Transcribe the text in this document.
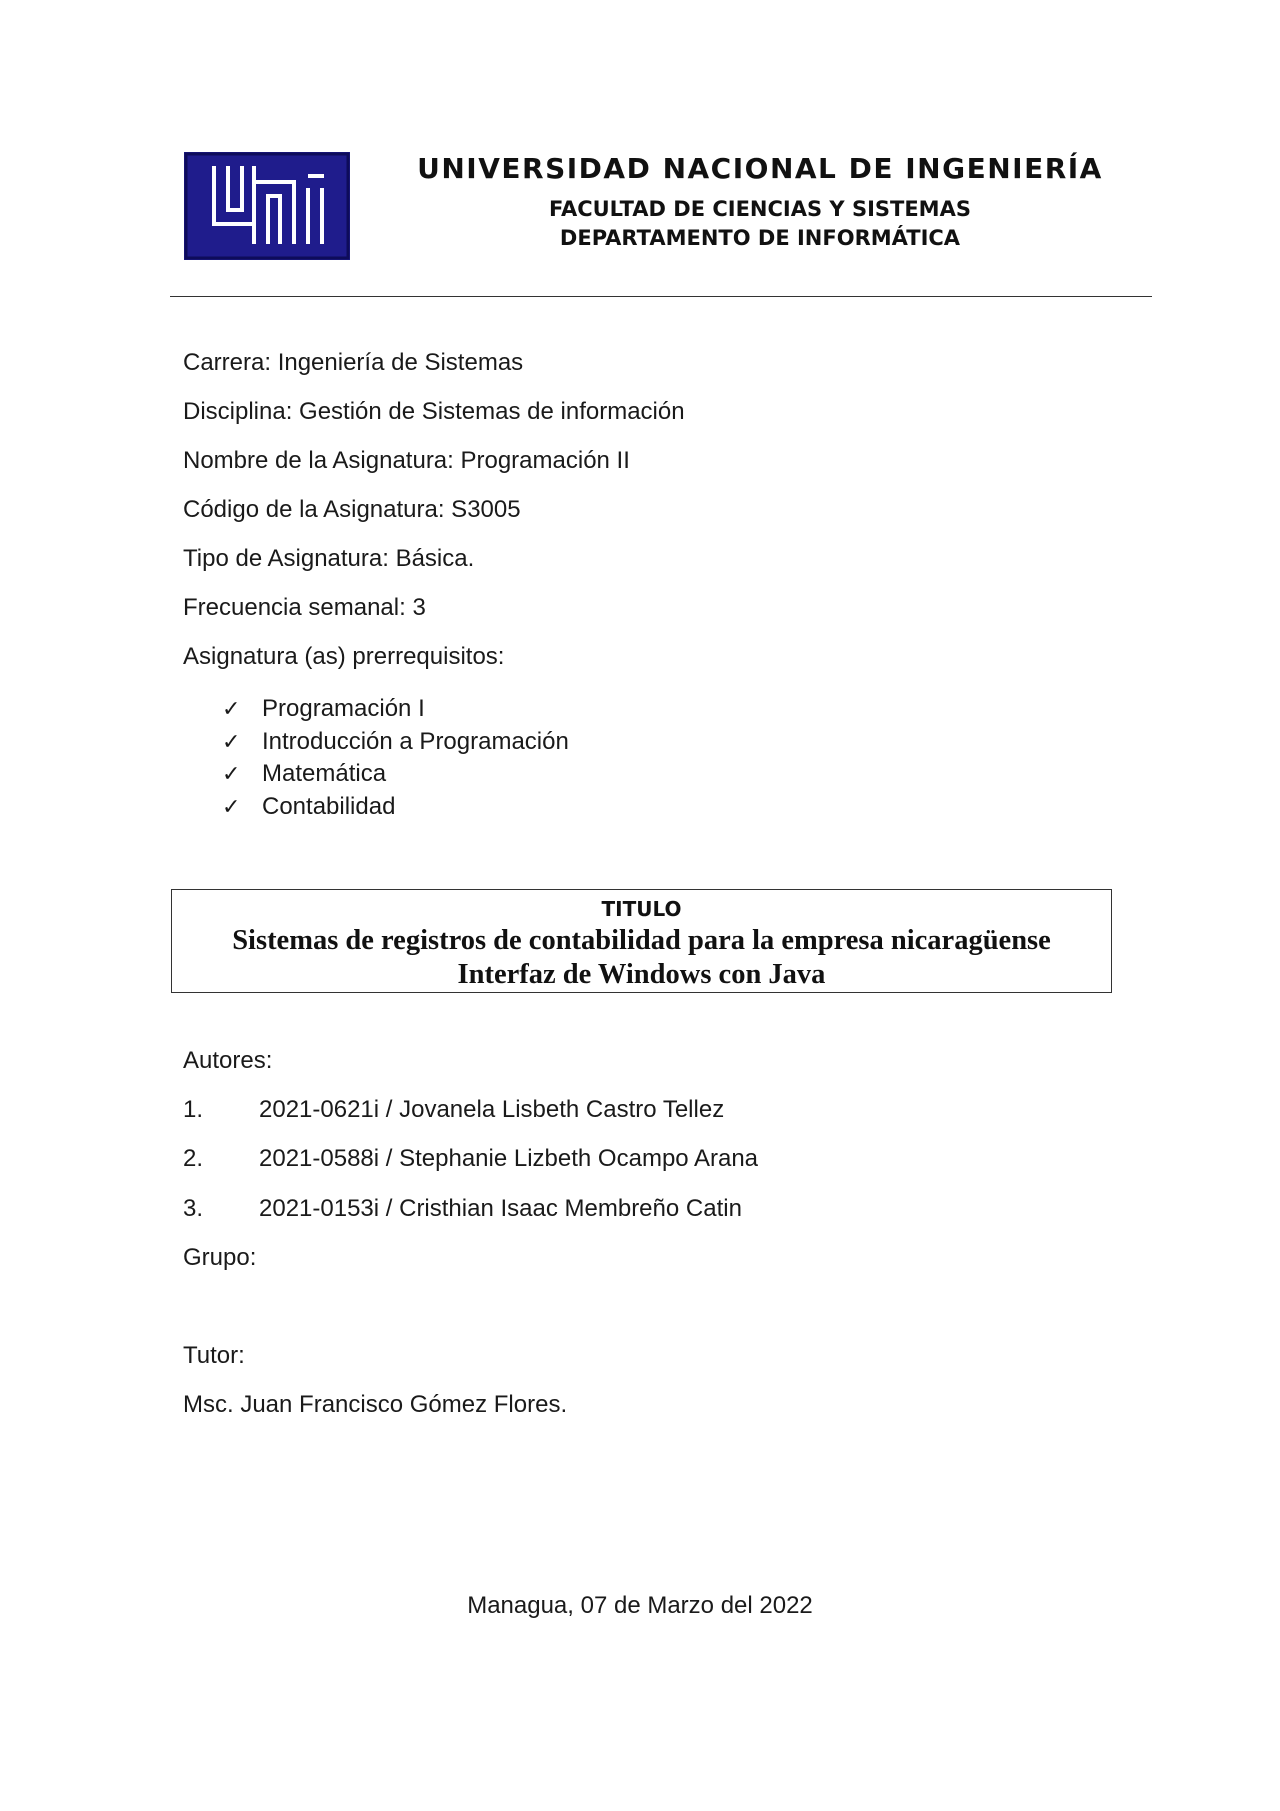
UNIVERSIDAD NACIONAL DE INGENIERÍA
FACULTAD DE CIENCIAS Y SISTEMAS
DEPARTAMENTO DE INFORMÁTICA
Carrera: Ingeniería de Sistemas
Disciplina: Gestión de Sistemas de información
Nombre de la Asignatura: Programación II
Código de la Asignatura: S3005
Tipo de Asignatura: Básica.
Frecuencia semanal: 3
Asignatura (as) prerrequisitos:
✓ Programación I
✓ Introducción a Programación
✓ Matemática
✓ Contabilidad
TITULO
Sistemas de registros de contabilidad para la empresa nicaragüense
Interfaz de Windows con Java
Autores:
1. 2021-0621i / Jovanela Lisbeth Castro Tellez
2. 2021-0588i / Stephanie Lizbeth Ocampo Arana
3. 2021-0153i / Cristhian Isaac Membreño Catin
Grupo:
Tutor:
Msc. Juan Francisco Gómez Flores.
Managua, 07 de Marzo del 2022
